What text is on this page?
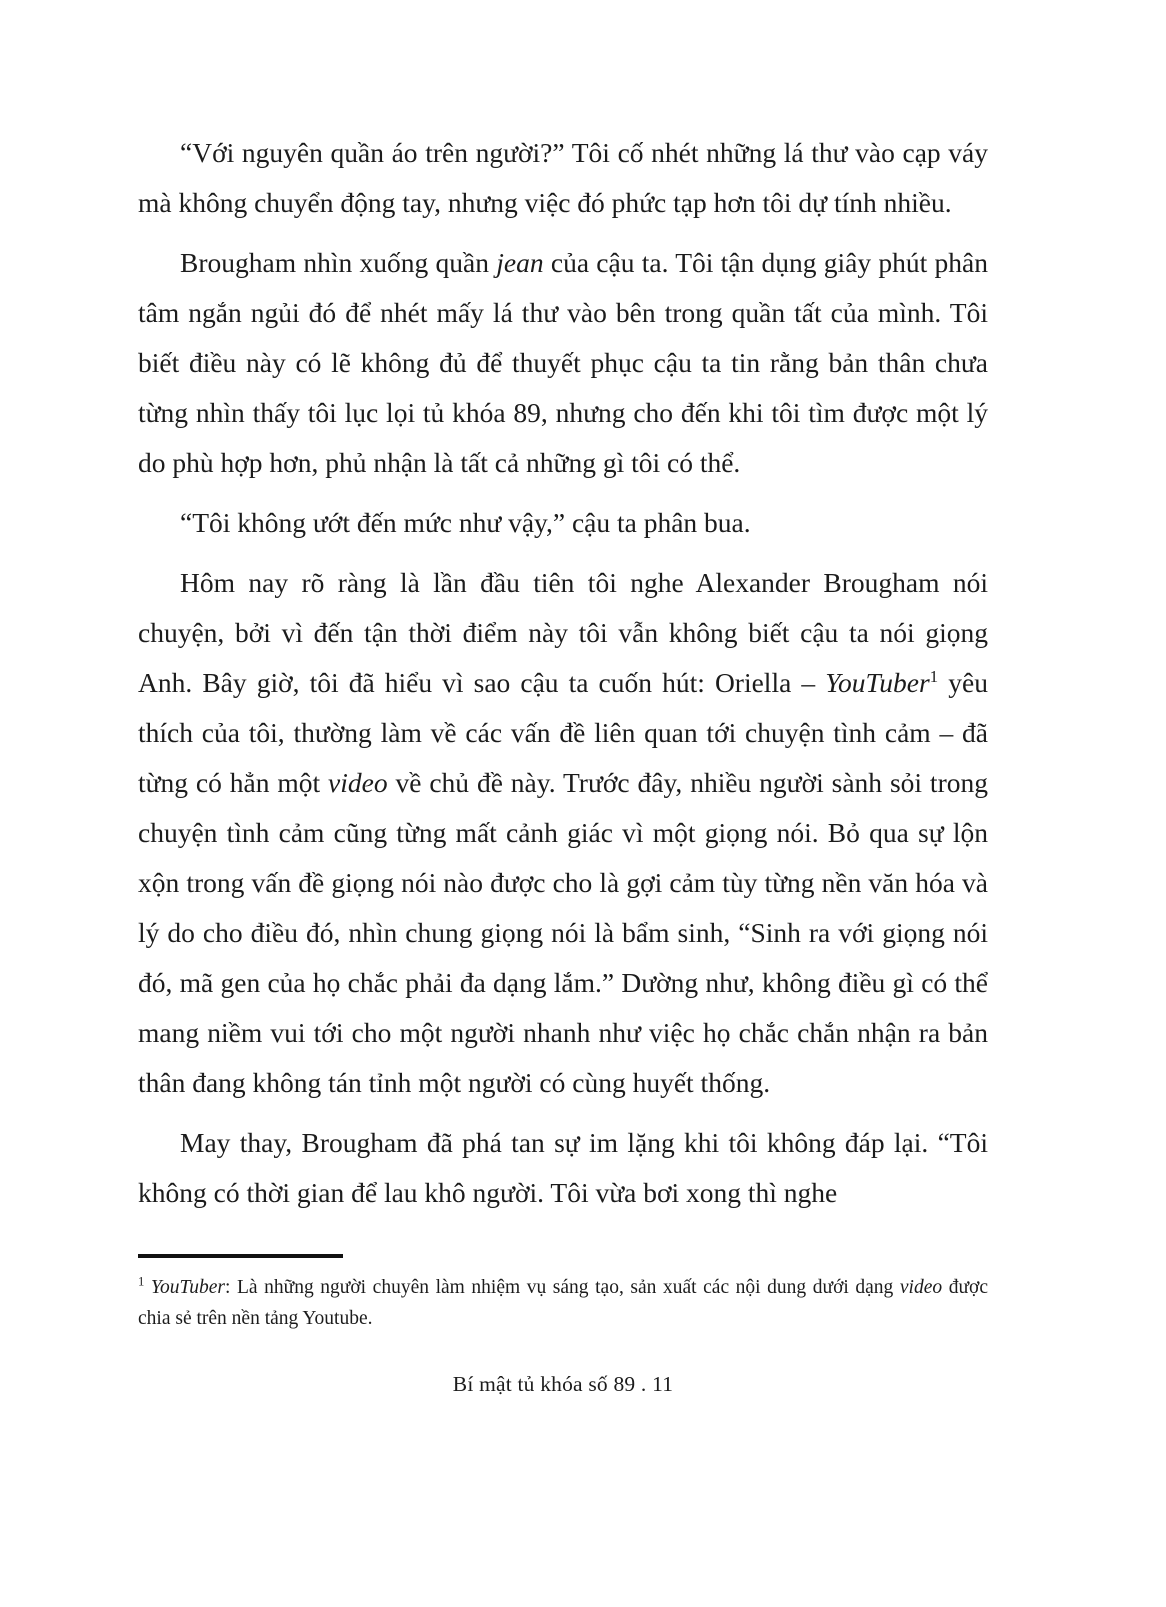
“Với nguyên quần áo trên người?” Tôi cố nhét những lá thư vào cạp váy mà không chuyển động tay, nhưng việc đó phức tạp hơn tôi dự tính nhiều.

Brougham nhìn xuống quần jean của cậu ta. Tôi tận dụng giây phút phân tâm ngắn ngủi đó để nhét mấy lá thư vào bên trong quần tất của mình. Tôi biết điều này có lẽ không đủ để thuyết phục cậu ta tin rằng bản thân chưa từng nhìn thấy tôi lục lọi tủ khóa 89, nhưng cho đến khi tôi tìm được một lý do phù hợp hơn, phủ nhận là tất cả những gì tôi có thể.

“Tôi không ướt đến mức như vậy,” cậu ta phân bua.

Hôm nay rõ ràng là lần đầu tiên tôi nghe Alexander Brougham nói chuyện, bởi vì đến tận thời điểm này tôi vẫn không biết cậu ta nói giọng Anh. Bây giờ, tôi đã hiểu vì sao cậu ta cuốn hút: Oriella – YouTuber$^1$ yêu thích của tôi, thường làm về các vấn đề liên quan tới chuyện tình cảm – đã từng có hẳn một video về chủ đề này. Trước đây, nhiều người sành sỏi trong chuyện tình cảm cũng từng mất cảnh giác vì một giọng nói. Bỏ qua sự lộn xộn trong vấn đề giọng nói nào được cho là gợi cảm tùy từng nền văn hóa và lý do cho điều đó, nhìn chung giọng nói là bẩm sinh, “Sinh ra với giọng nói đó, mã gen của họ chắc phải đa dạng lắm.” Dường như, không điều gì có thể mang niềm vui tới cho một người nhanh như việc họ chắc chắn nhận ra bản thân đang không tán tỉnh một người có cùng huyết thống.

May thay, Brougham đã phá tan sự im lặng khi tôi không đáp lại. “Tôi không có thời gian để lau khô người. Tôi vừa bơi xong thì nghe

$^1$ YouTuber: Là những người chuyên làm nhiệm vụ sáng tạo, sản xuất các nội dung dưới dạng video được chia sẻ trên nền tảng Youtube.
Bí mật tủ khóa số 89 . 11
